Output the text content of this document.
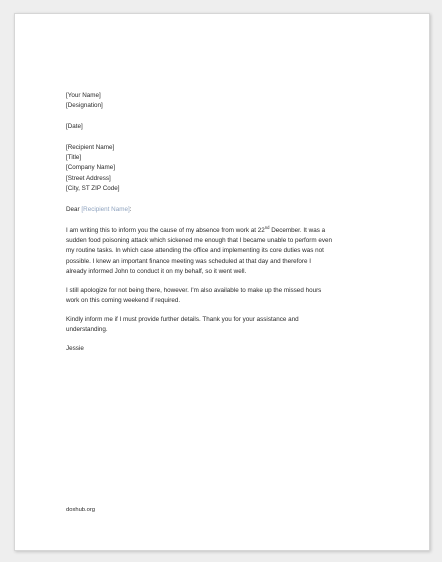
[Your Name]
[Designation]
[Date]
[Recipient Name]
[Title]
[Company Name]
[Street Address]
[City, ST ZIP Code]
Dear [Recipient Name]:
I am writing this to inform you the cause of my absence from work at 22nd December. It was a
sudden food poisoning attack which sickened me enough that I became unable to perform even
my routine tasks. In which case attending the office and implementing its core duties was not
possible. I knew an important finance meeting was scheduled at that day and therefore I
already informed John to conduct it on my behalf, so it went well.
I still apologize for not being there, however. I'm also available to make up the missed hours
work on this coming weekend if required.
Kindly inform me if I must provide further details. Thank you for your assistance and
understanding.
Jessie
doxhub.org
